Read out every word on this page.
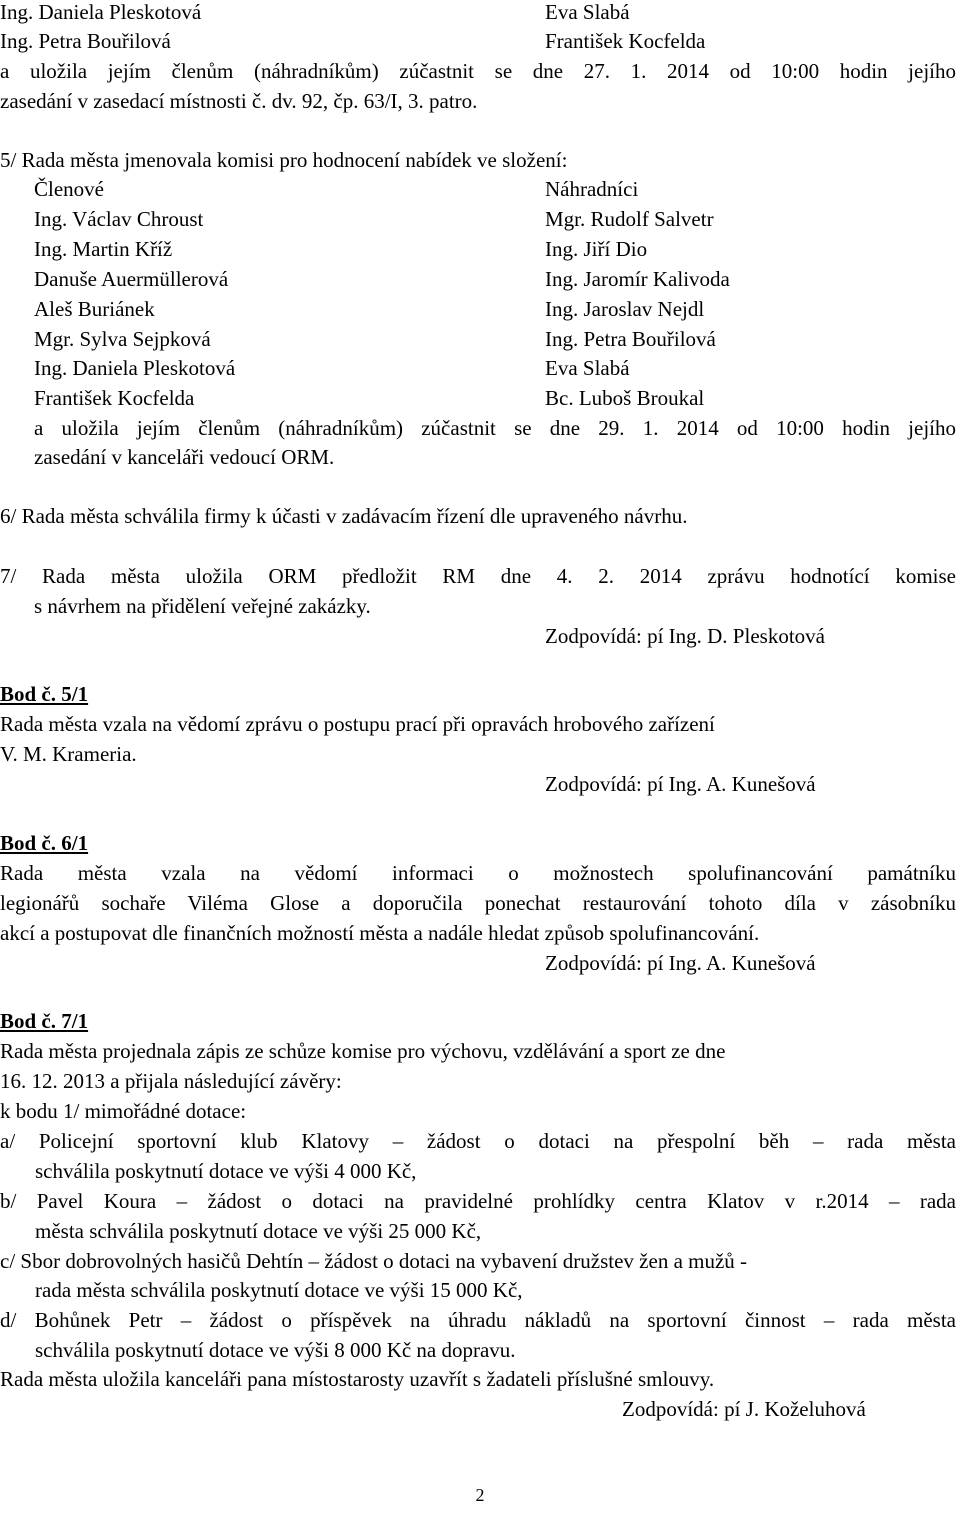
Ing. Daniela Pleskotová	Eva Slabá
Ing. Petra Bouřilová	František Kocfelda
a uložila jejím členům (náhradníkům) zúčastnit se dne 27. 1. 2014 od 10:00 hodin jejího
zasedání v zasedací místnosti č. dv. 92, čp. 63/I, 3. patro.
5/ Rada města jmenovala komisi pro hodnocení nabídek ve složení:
Členové	Náhradníci
Ing. Václav Chroust	Mgr. Rudolf Salvetr
Ing. Martin Kříž	Ing. Jiří Dio
Danuše Auermüllerová	Ing. Jaromír Kalivoda
Aleš Buriánek	Ing. Jaroslav Nejdl
Mgr. Sylva Sejpková	Ing. Petra Bouřilová
Ing. Daniela Pleskotová	Eva Slabá
František Kocfelda	Bc. Luboš Broukal
a uložila jejím členům (náhradníkům) zúčastnit se dne 29. 1. 2014 od 10:00 hodin jejího
zasedání v kanceláři vedoucí ORM.
6/ Rada města schválila firmy k účasti v zadávacím řízení dle upraveného návrhu.
7/ Rada města uložila ORM předložit RM dne 4. 2. 2014 zprávu hodnotící komise
s návrhem na přidělení veřejné zakázky.
Zodpovídá: pí Ing. D. Pleskotová
Bod č. 5/1
Rada města vzala na vědomí zprávu o postupu prací při opravách hrobového zařízení
V. M. Krameria.
Zodpovídá: pí Ing. A. Kunešová
Bod č. 6/1
Rada města vzala na vědomí informaci o možnostech spolufinancování památníku
legionářů sochaře Viléma Glose a doporučila ponechat restaurování tohoto díla v zásobníku
akcí a postupovat dle finančních možností města a nadále hledat způsob spolufinancování.
Zodpovídá: pí Ing. A. Kunešová
Bod č. 7/1
Rada města projednala zápis ze schůze komise pro výchovu, vzdělávání a sport ze dne
16. 12. 2013 a přijala následující závěry:
k bodu 1/ mimořádné dotace:
a/ Policejní sportovní klub Klatovy – žádost o dotaci na přespolní běh – rada města
schválila poskytnutí dotace ve výši 4 000 Kč,
b/ Pavel Koura – žádost o dotaci na pravidelné prohlídky centra Klatov v r.2014 – rada
města schválila poskytnutí dotace ve výši 25 000 Kč,
c/ Sbor dobrovolných hasičů Dehtín – žádost o dotaci na vybavení družstev žen a mužů -
rada města schválila poskytnutí dotace ve výši 15 000 Kč,
d/ Bohůnek Petr – žádost o příspěvek na úhradu nákladů na sportovní činnost – rada města
schválila poskytnutí dotace ve výši 8 000 Kč na dopravu.
Rada města uložila kanceláři pana místostarosty uzavřít s žadateli příslušné smlouvy.
Zodpovídá: pí J. Koželuhová
2
